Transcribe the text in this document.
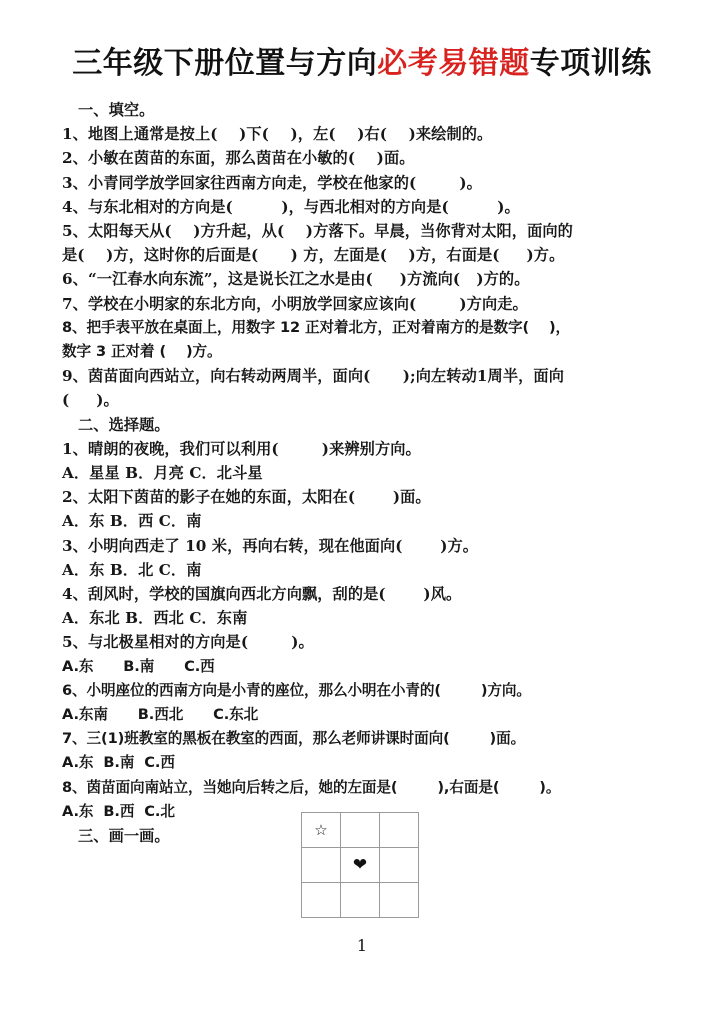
三年级下册位置与方向必考易错题专项训练
一、填空。
1、地图上通常是按上(    )下(    )，左(    )右(    )来绘制的。
2、小敏在茵苗的东面，那么茵苗在小敏的(    )面。
3、小青同学放学回家往西南方向走，学校在他家的(        )。
4、与东北相对的方向是(         )，与西北相对的方向是(         )。
5、太阳每天从(    )方升起，从(    )方落下。早晨，当你背对太阳，面向的
是(    )方，这时你的后面是(      ) 方，左面是(    )方，右面是(     )方。
6、“一江春水向东流”，这是说长江之水是由(     )方流向(   )方的。
7、学校在小明家的东北方向，小明放学回家应该向(        )方向走。
8、把手表平放在桌面上，用数字 12 正对着北方，正对着南方的是数字(    )，
数字 3 正对着 (    )方。
9、茵苗面向西站立，向右转动两周半，面向(      );向左转动1周半，面向
(     )。
二、选择题。
1、晴朗的夜晚，我们可以利用(        )来辨别方向。
A．星星 B．月亮 C．北斗星
2、太阳下茵苗的影子在她的东面，太阳在(       )面。
A．东 B．西 C．南
3、小明向西走了 10 米，再向右转，现在他面向(       )方。
A．东 B．北 C．南
4、刮风时，学校的国旗向西北方向飘，刮的是(       )风。
A．东北 B．西北 C．东南
5、与北极星相对的方向是(        )。
A.东      B.南      C.西
6、小明座位的西南方向是小青的座位，那么小明在小青的(        )方向。
A.东南      B.西北      C.东北
7、三(1)班教室的黑板在教室的西面，那么老师讲课时面向(        )面。
A.东  B.南  C.西
8、茵苗面向南站立，当她向后转之后，她的左面是(        ),右面是(        )。
A.东  B.西  C.北
三、画一画。	☆		
	❤	

1
